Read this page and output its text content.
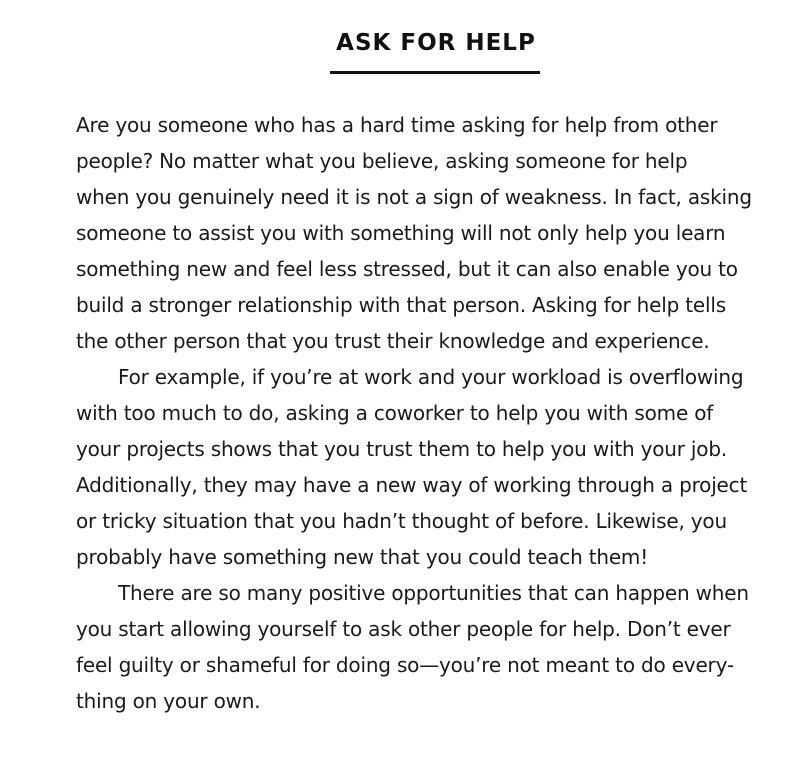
ASK FOR HELP
Are you someone who has a hard time asking for help from other
people? No matter what you believe, asking someone for help
when you genuinely need it is not a sign of weakness. In fact, asking
someone to assist you with something will not only help you learn
something new and feel less stressed, but it can also enable you to
build a stronger relationship with that person. Asking for help tells
the other person that you trust their knowledge and experience.
For example, if you’re at work and your workload is overflowing
with too much to do, asking a coworker to help you with some of
your projects shows that you trust them to help you with your job.
Additionally, they may have a new way of working through a project
or tricky situation that you hadn’t thought of before. Likewise, you
probably have something new that you could teach them!
There are so many positive opportunities that can happen when
you start allowing yourself to ask other people for help. Don’t ever
feel guilty or shameful for doing so—you’re not meant to do every-
thing on your own.
